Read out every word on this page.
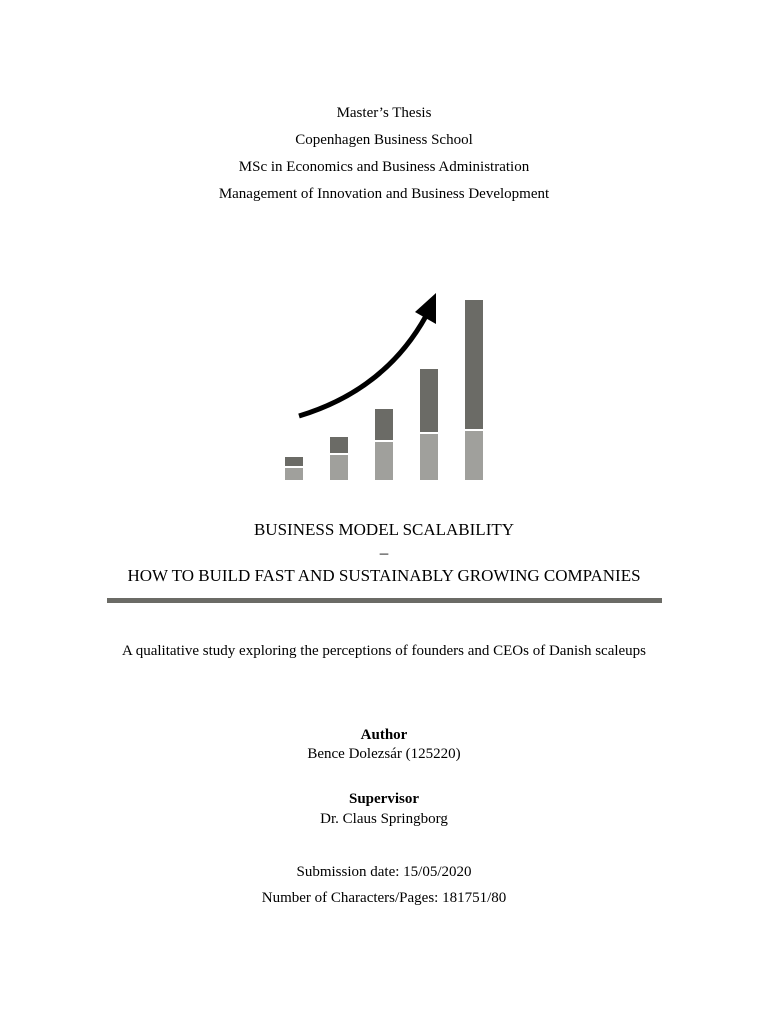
Master’s Thesis
Copenhagen Business School
MSc in Economics and Business Administration
Management of Innovation and Business Development
BUSINESS MODEL SCALABILITY
–
HOW TO BUILD FAST AND SUSTAINABLY GROWING COMPANIES
A qualitative study exploring the perceptions of founders and CEOs of Danish scaleups
Author
Bence Dolezsár (125220)
Supervisor
Dr. Claus Springborg
Submission date: 15/05/2020
Number of Characters/Pages: 181751/80
